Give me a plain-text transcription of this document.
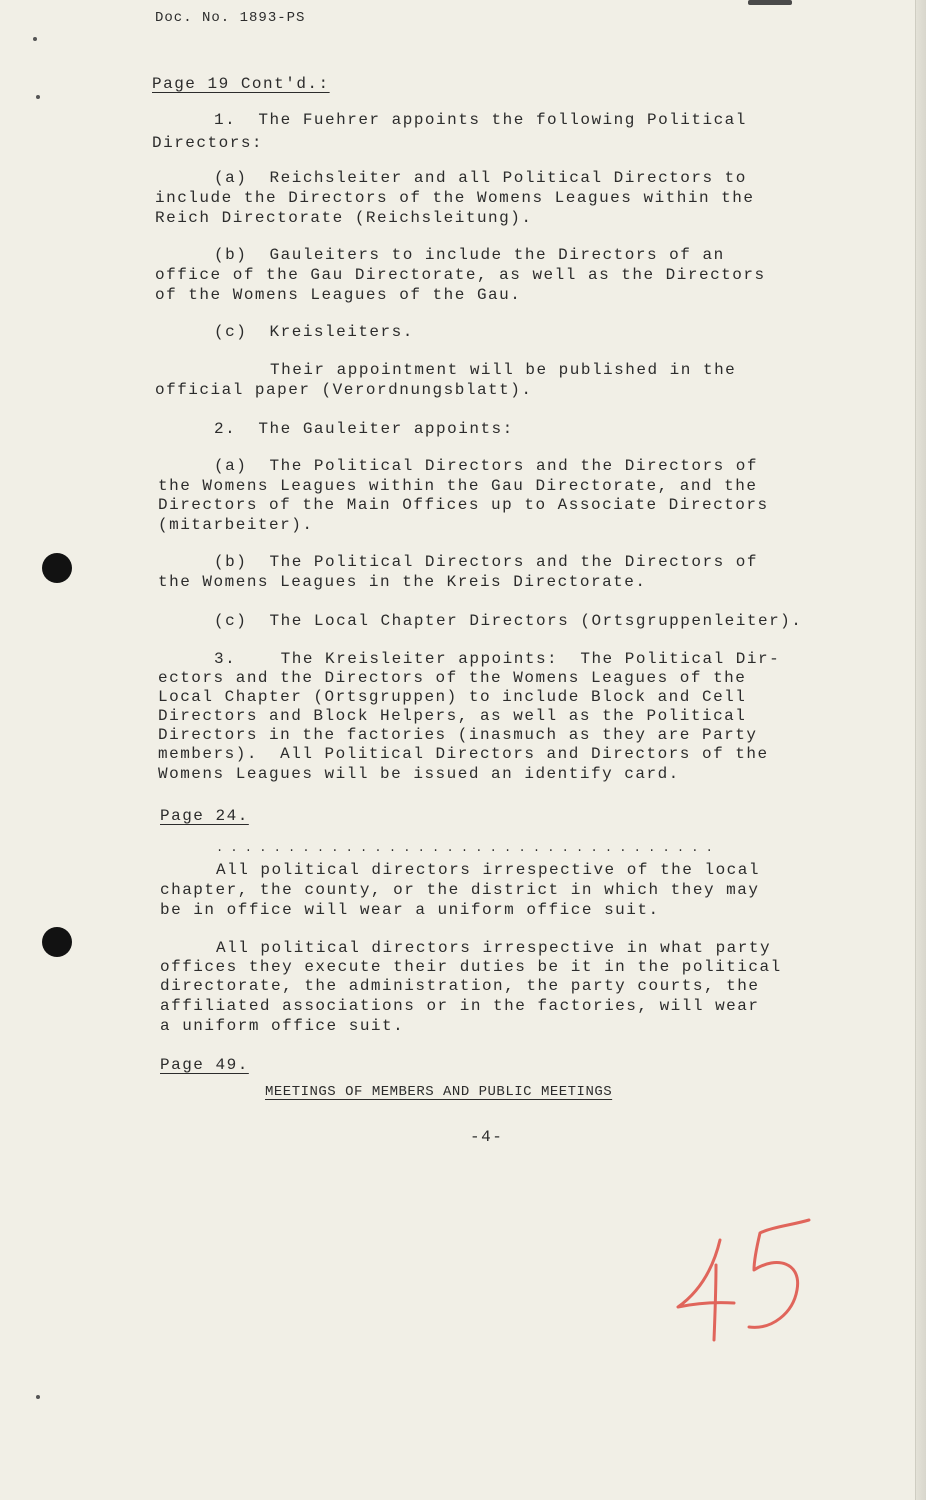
Doc. No. 1893-PS
Page 19 Cont'd.:
1.  The Fuehrer appoints the following Political
Directors:
(a)  Reichsleiter and all Political Directors to
include the Directors of the Womens Leagues within the
Reich Directorate (Reichsleitung).
(b)  Gauleiters to include the Directors of an
office of the Gau Directorate, as well as the Directors
of the Womens Leagues of the Gau.
(c)  Kreisleiters.
Their appointment will be published in the
official paper (Verordnungsblatt).
2.  The Gauleiter appoints:
(a)  The Political Directors and the Directors of
the Womens Leagues within the Gau Directorate, and the
Directors of the Main Offices up to Associate Directors
(mitarbeiter).
(b)  The Political Directors and the Directors of
the Womens Leagues in the Kreis Directorate.
(c)  The Local Chapter Directors (Ortsgruppenleiter).
3.    The Kreisleiter appoints:  The Political Dir-
ectors and the Directors of the Womens Leagues of the
Local Chapter (Ortsgruppen) to include Block and Cell
Directors and Block Helpers, as well as the Political
Directors in the factories (inasmuch as they are Party
members).  All Political Directors and Directors of the
Womens Leagues will be issued an identify card.
Page 24.
. . . . . . . . . . . . . . . . . . . . . . . . . . . . . . . . . . .
All political directors irrespective of the local
chapter, the county, or the district in which they may
be in office will wear a uniform office suit.
All political directors irrespective in what party
offices they execute their duties be it in the political
directorate, the administration, the party courts, the
affiliated associations or in the factories, will wear
a uniform office suit.
Page 49.
MEETINGS OF MEMBERS AND PUBLIC MEETINGS
-4-
